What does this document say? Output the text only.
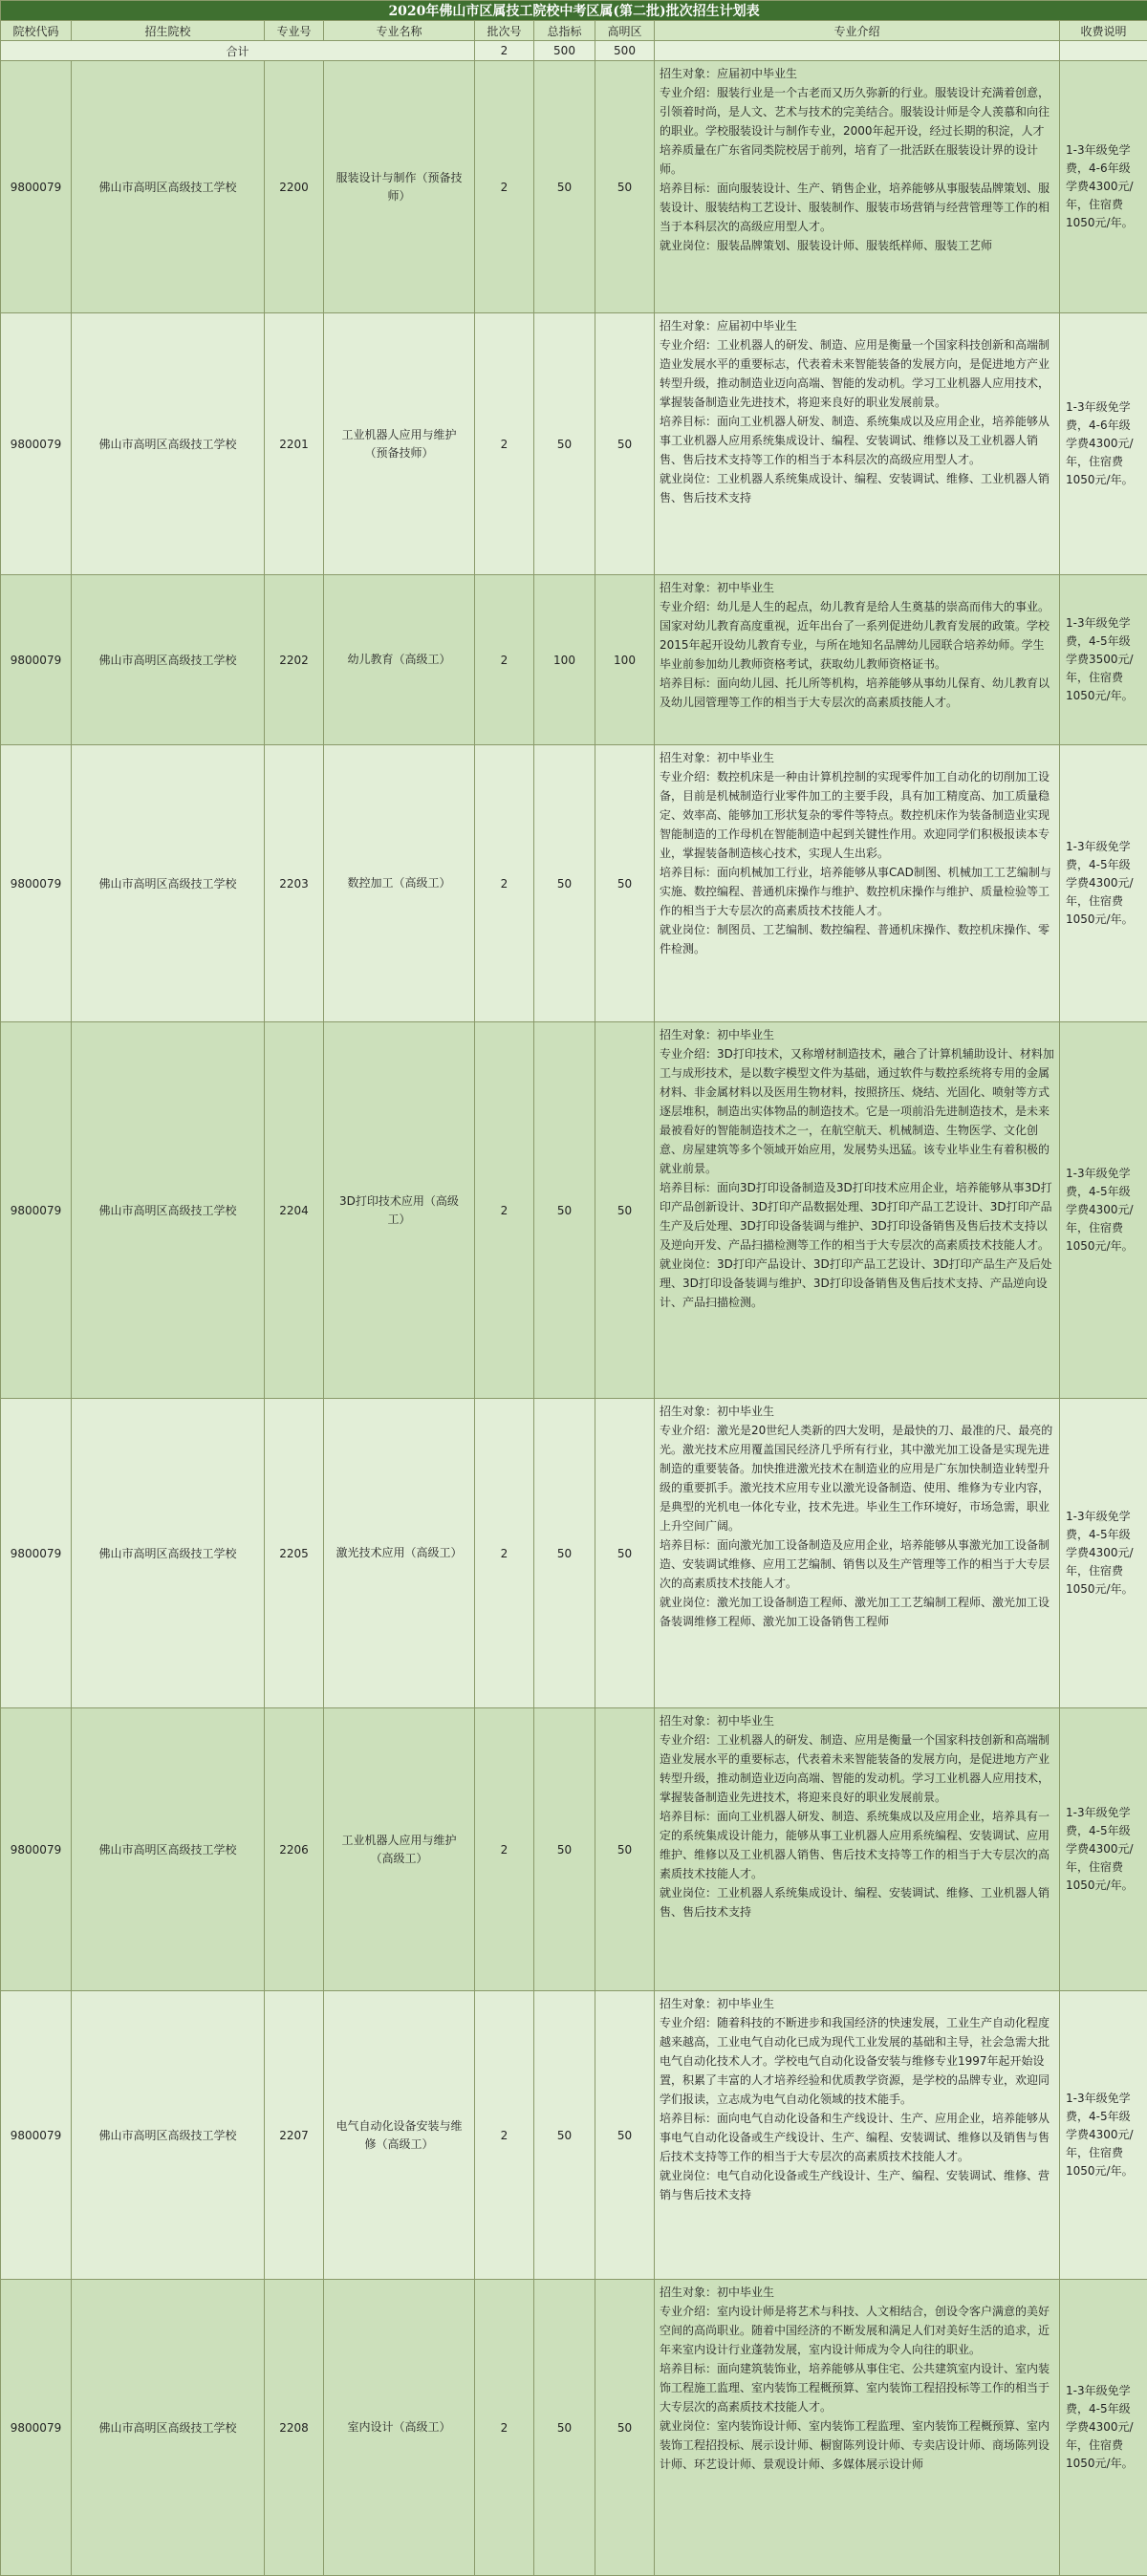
2020年佛山市区属技工院校中考区属(第二批)批次招生计划表								
院校代码	招生院校	专业号	专业名称	批次号	总指标	高明区	专业介绍	收费说明
合计				2	500	500		
9800079	佛山市高明区高级技工学校	2200	服装设计与制作（预备技师）	2	50	50	招生对象：应届初中毕业生
专业介绍：服装行业是一个古老而又历久弥新的行业。服装设计充满着创意，引领着时尚，是人文、艺术与技术的完美结合。服装设计师是令人羡慕和向往的职业。学校服装设计与制作专业，2000年起开设，经过长期的积淀，人才培养质量在广东省同类院校居于前列，培育了一批活跃在服装设计界的设计师。
培养目标：面向服装设计、生产、销售企业，培养能够从事服装品牌策划、服装设计、服装结构工艺设计、服装制作、服装市场营销与经营管理等工作的相当于本科层次的高级应用型人才。
就业岗位：服装品牌策划、服装设计师、服装纸样师、服装工艺师	1-3年级免学费，4-6年级学费4300元/年，住宿费1050元/年。
9800079	佛山市高明区高级技工学校	2201	工业机器人应用与维护（预备技师）	2	50	50	招生对象：应届初中毕业生
专业介绍：工业机器人的研发、制造、应用是衡量一个国家科技创新和高端制造业发展水平的重要标志，代表着未来智能装备的发展方向，是促进地方产业转型升级，推动制造业迈向高端、智能的发动机。学习工业机器人应用技术，掌握装备制造业先进技术，将迎来良好的职业发展前景。
培养目标：面向工业机器人研发、制造、系统集成以及应用企业，培养能够从事工业机器人应用系统集成设计、编程、安装调试、维修以及工业机器人销售、售后技术支持等工作的相当于本科层次的高级应用型人才。
就业岗位：工业机器人系统集成设计、编程、安装调试、维修、工业机器人销售、售后技术支持	1-3年级免学费，4-6年级学费4300元/年，住宿费1050元/年。
9800079	佛山市高明区高级技工学校	2202	幼儿教育（高级工）	2	100	100	招生对象：初中毕业生
专业介绍：幼儿是人生的起点，幼儿教育是给人生奠基的崇高而伟大的事业。国家对幼儿教育高度重视，近年出台了一系列促进幼儿教育发展的政策。学校2015年起开设幼儿教育专业，与所在地知名品牌幼儿园联合培养幼师。学生毕业前参加幼儿教师资格考试，获取幼儿教师资格证书。
培养目标：面向幼儿园、托儿所等机构，培养能够从事幼儿保育、幼儿教育以及幼儿园管理等工作的相当于大专层次的高素质技能人才。	1-3年级免学费，4-5年级学费3500元/年，住宿费1050元/年。
9800079	佛山市高明区高级技工学校	2203	数控加工（高级工）	2	50	50	招生对象：初中毕业生
专业介绍：数控机床是一种由计算机控制的实现零件加工自动化的切削加工设备，目前是机械制造行业零件加工的主要手段，具有加工精度高、加工质量稳定、效率高、能够加工形状复杂的零件等特点。数控机床作为装备制造业实现智能制造的工作母机在智能制造中起到关键性作用。欢迎同学们积极报读本专业，掌握装备制造核心技术，实现人生出彩。
培养目标：面向机械加工行业，培养能够从事CAD制图、机械加工工艺编制与实施、数控编程、普通机床操作与维护、数控机床操作与维护、质量检验等工作的相当于大专层次的高素质技术技能人才。
就业岗位：制图员、工艺编制、数控编程、普通机床操作、数控机床操作、零件检测。	1-3年级免学费，4-5年级学费4300元/年，住宿费1050元/年。
9800079	佛山市高明区高级技工学校	2204	3D打印技术应用（高级工）	2	50	50	招生对象：初中毕业生
专业介绍：3D打印技术，又称增材制造技术，融合了计算机辅助设计、材料加工与成形技术，是以数字模型文件为基础，通过软件与数控系统将专用的金属材料、非金属材料以及医用生物材料，按照挤压、烧结、光固化、喷射等方式逐层堆积，制造出实体物品的制造技术。它是一项前沿先进制造技术，是未来最被看好的智能制造技术之一，在航空航天、机械制造、生物医学、文化创意、房屋建筑等多个领域开始应用，发展势头迅猛。该专业毕业生有着积极的就业前景。
培养目标：面向3D打印设备制造及3D打印技术应用企业，培养能够从事3D打印产品创新设计、3D打印产品数据处理、3D打印产品工艺设计、3D打印产品生产及后处理、3D打印设备装调与维护、3D打印设备销售及售后技术支持以及逆向开发、产品扫描检测等工作的相当于大专层次的高素质技术技能人才。
就业岗位：3D打印产品设计、3D打印产品工艺设计、3D打印产品生产及后处理、3D打印设备装调与维护、3D打印设备销售及售后技术支持、产品逆向设计、产品扫描检测。	1-3年级免学费，4-5年级学费4300元/年，住宿费1050元/年。
9800079	佛山市高明区高级技工学校	2205	激光技术应用（高级工）	2	50	50	招生对象：初中毕业生
专业介绍：激光是20世纪人类新的四大发明，是最快的刀、最准的尺、最亮的光。激光技术应用覆盖国民经济几乎所有行业，其中激光加工设备是实现先进制造的重要装备。加快推进激光技术在制造业的应用是广东加快制造业转型升级的重要抓手。激光技术应用专业以激光设备制造、使用、维修为专业内容，是典型的光机电一体化专业，技术先进。毕业生工作环境好，市场急需，职业上升空间广阔。
培养目标：面向激光加工设备制造及应用企业，培养能够从事激光加工设备制造、安装调试维修、应用工艺编制、销售以及生产管理等工作的相当于大专层次的高素质技术技能人才。
就业岗位：激光加工设备制造工程师、激光加工工艺编制工程师、激光加工设备装调维修工程师、激光加工设备销售工程师	1-3年级免学费，4-5年级学费4300元/年，住宿费1050元/年。
9800079	佛山市高明区高级技工学校	2206	工业机器人应用与维护（高级工）	2	50	50	招生对象：初中毕业生
专业介绍：工业机器人的研发、制造、应用是衡量一个国家科技创新和高端制造业发展水平的重要标志，代表着未来智能装备的发展方向，是促进地方产业转型升级，推动制造业迈向高端、智能的发动机。学习工业机器人应用技术，掌握装备制造业先进技术，将迎来良好的职业发展前景。
培养目标：面向工业机器人研发、制造、系统集成以及应用企业，培养具有一定的系统集成设计能力，能够从事工业机器人应用系统编程、安装调试、应用维护、维修以及工业机器人销售、售后技术支持等工作的相当于大专层次的高素质技术技能人才。
就业岗位：工业机器人系统集成设计、编程、安装调试、维修、工业机器人销售、售后技术支持	1-3年级免学费，4-5年级学费4300元/年，住宿费1050元/年。
9800079	佛山市高明区高级技工学校	2207	电气自动化设备安装与维修（高级工）	2	50	50	招生对象：初中毕业生
专业介绍：随着科技的不断进步和我国经济的快速发展，工业生产自动化程度越来越高，工业电气自动化已成为现代工业发展的基础和主导，社会急需大批电气自动化技术人才。学校电气自动化设备安装与维修专业1997年起开始设置，积累了丰富的人才培养经验和优质教学资源，是学校的品牌专业，欢迎同学们报读，立志成为电气自动化领域的技术能手。
培养目标：面向电气自动化设备和生产线设计、生产、应用企业，培养能够从事电气自动化设备或生产线设计、生产、编程、安装调试、维修以及销售与售后技术支持等工作的相当于大专层次的高素质技术技能人才。
就业岗位：电气自动化设备或生产线设计、生产、编程、安装调试、维修、营销与售后技术支持	1-3年级免学费，4-5年级学费4300元/年，住宿费1050元/年。
9800079	佛山市高明区高级技工学校	2208	室内设计（高级工）	2	50	50	招生对象：初中毕业生
专业介绍：室内设计师是将艺术与科技、人文相结合，创设令客户满意的美好空间的高尚职业。随着中国经济的不断发展和满足人们对美好生活的追求，近年来室内设计行业蓬勃发展，室内设计师成为令人向往的职业。
培养目标：面向建筑装饰业，培养能够从事住宅、公共建筑室内设计、室内装饰工程施工监理、室内装饰工程概预算、室内装饰工程招投标等工作的相当于大专层次的高素质技术技能人才。
就业岗位：室内装饰设计师、室内装饰工程监理、室内装饰工程概预算、室内装饰工程招投标、展示设计师、橱窗陈列设计师、专卖店设计师、商场陈列设计师、环艺设计师、景观设计师、多媒体展示设计师	1-3年级免学费，4-5年级学费4300元/年，住宿费1050元/年。
